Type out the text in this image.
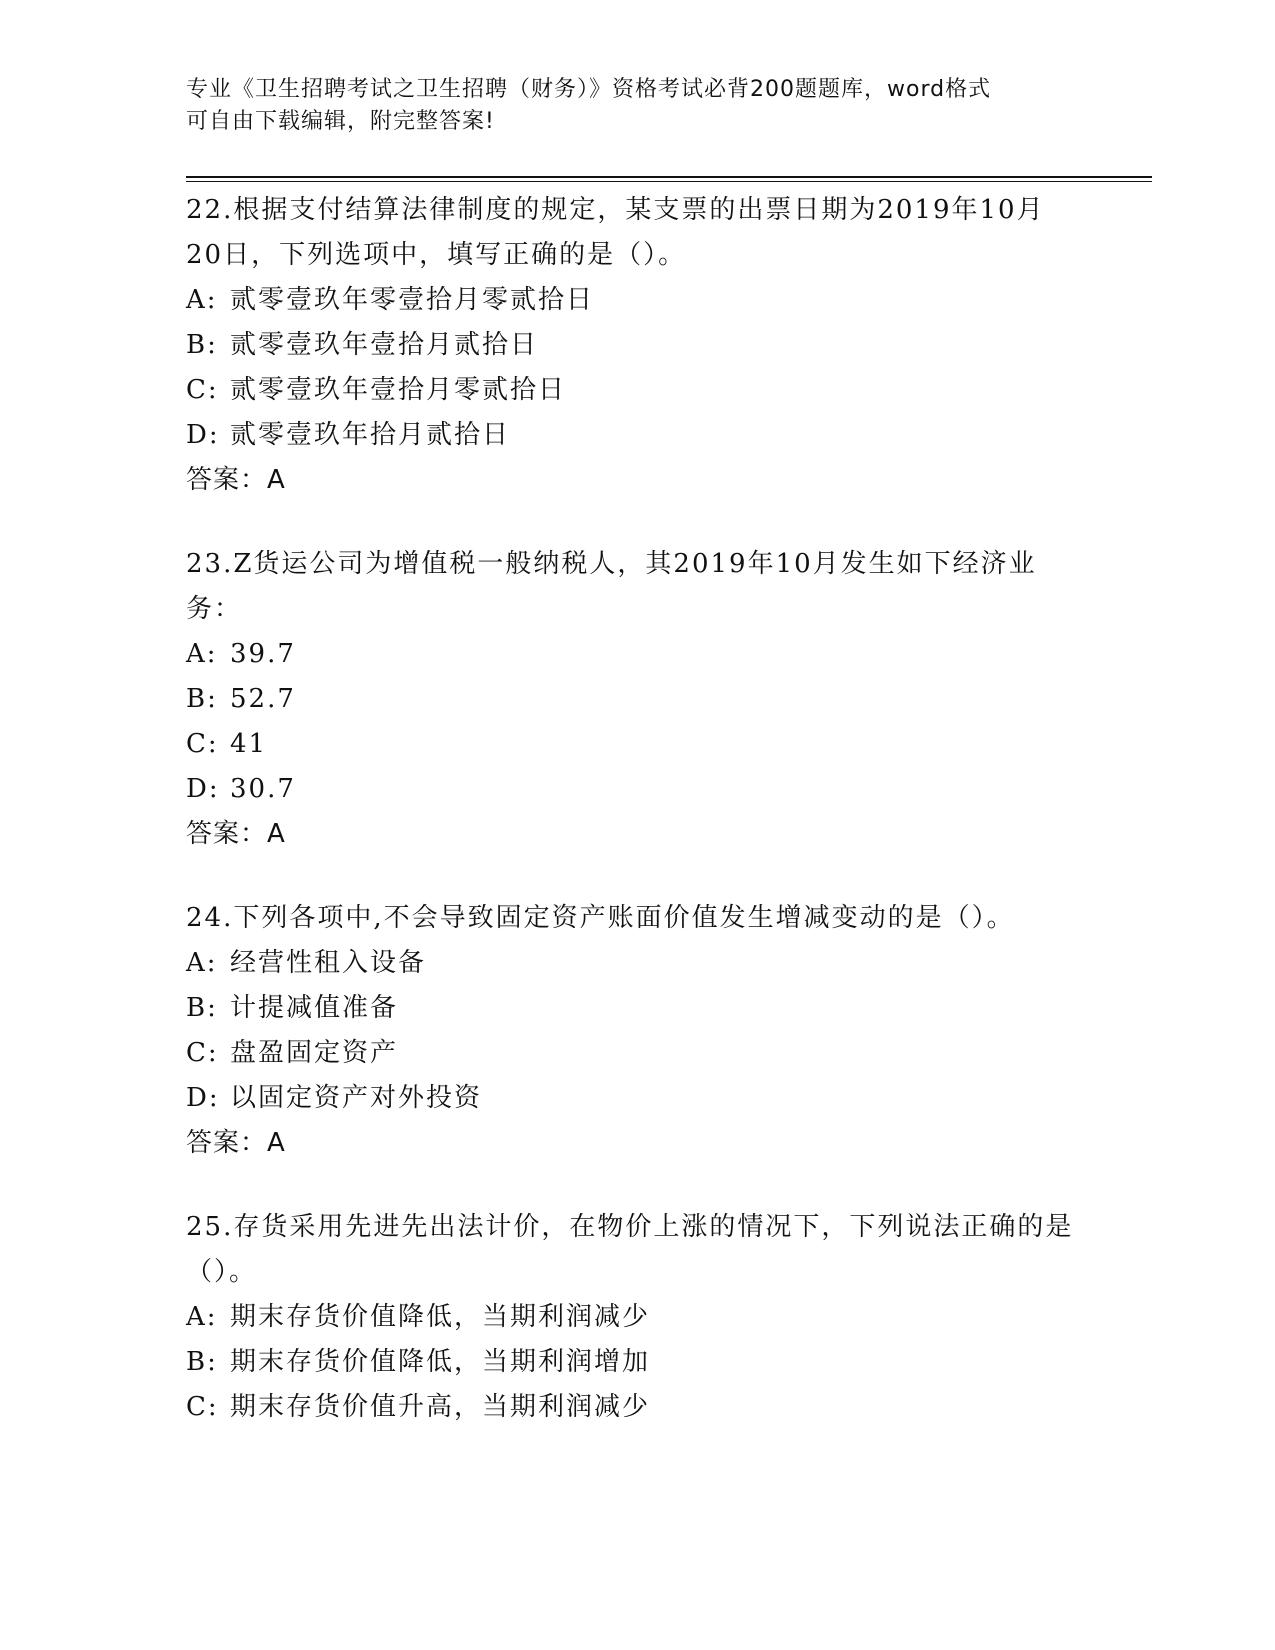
专业《卫生招聘考试之卫生招聘（财务）》资格考试必背200题题库，word格式
可自由下载编辑，附完整答案!
22.根据支付结算法律制度的规定，某支票的出票日期为2019年10月20日，下列选项中，填写正确的是（）。
A: 贰零壹玖年零壹拾月零贰拾日
B: 贰零壹玖年壹拾月贰拾日
C: 贰零壹玖年壹拾月零贰拾日
D: 贰零壹玖年拾月贰拾日
答案：A
23.Z货运公司为增值税一般纳税人，其2019年10月发生如下经济业务：
A: 39.7
B: 52.7
C: 41
D: 30.7
答案：A
24.下列各项中,不会导致固定资产账面价值发生增减变动的是（）。
A: 经营性租入设备
B: 计提减值准备
C: 盘盈固定资产
D: 以固定资产对外投资
答案：A
25.存货采用先进先出法计价，在物价上涨的情况下，下列说法正确的是（）。
A: 期末存货价值降低，当期利润减少
B: 期末存货价值降低，当期利润增加
C: 期末存货价值升高，当期利润减少
